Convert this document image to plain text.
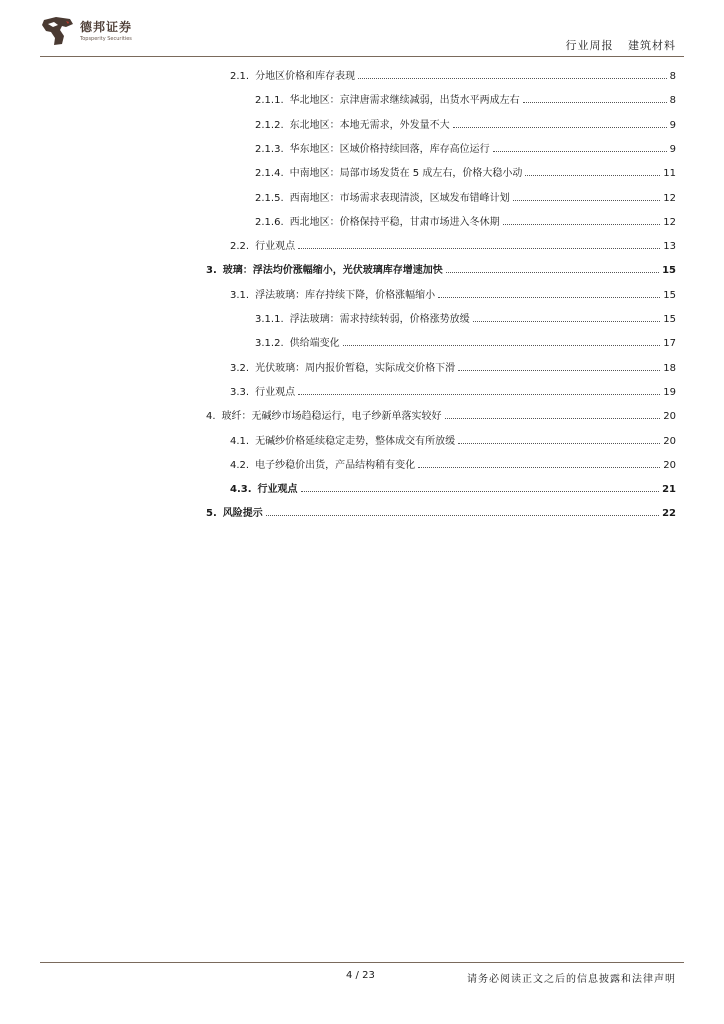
德邦证券
Topsperity Securities	行业周报 建筑材料
2.1. 分地区价格和库存表现	8
2.1.1. 华北地区：京津唐需求继续减弱，出货水平两成左右	8
2.1.2. 东北地区：本地无需求，外发量不大	9
2.1.3. 华东地区：区域价格持续回落，库存高位运行	9
2.1.4. 中南地区：局部市场发货在 5 成左右，价格大稳小动	11
2.1.5. 西南地区：市场需求表现清淡，区域发布错峰计划	12
2.1.6. 西北地区：价格保持平稳，甘肃市场进入冬休期	12
2.2. 行业观点	13
3. 玻璃：浮法均价涨幅缩小，光伏玻璃库存增速加快	15
3.1. 浮法玻璃：库存持续下降，价格涨幅缩小	15
3.1.1. 浮法玻璃：需求持续转弱，价格涨势放缓	15
3.1.2. 供给端变化	17
3.2. 光伏玻璃：周内报价暂稳，实际成交价格下滑	18
3.3. 行业观点	19
4. 玻纤：无碱纱市场趋稳运行，电子纱新单落实较好	20
4.1. 无碱纱价格延续稳定走势，整体成交有所放缓	20
4.2. 电子纱稳价出货，产品结构稍有变化	20
4.3. 行业观点	21
5. 风险提示	22
4 / 23	请务必阅读正文之后的信息披露和法律声明
